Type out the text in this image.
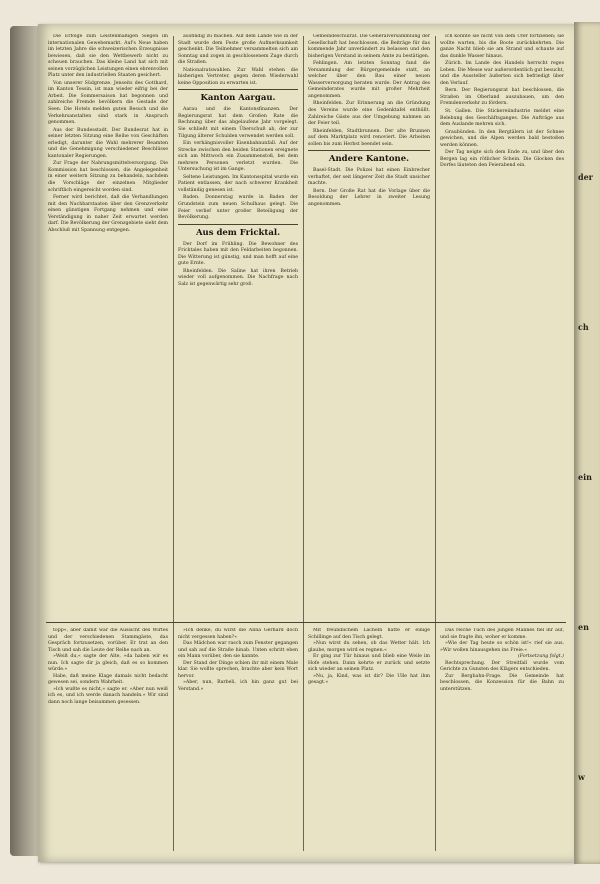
Die Erfolge zum Leistenmäßigen Siegen im internationalen Gewebemarkt. Auf's Neue haben im letzten Jahre die schweizerischen Erzeugnisse bewiesen, daß sie den Wettbewerb nicht zu scheuen brauchen. Das kleine Land hat sich mit seinen vorzüglichen Leistungen einen ehrenvollen Platz unter den industriellen Staaten gesichert.

Von unserer Südgrenze. Jenseits des Gotthard, im Kanton Tessin, ist man wieder eifrig bei der Arbeit. Die Sommersaison hat begonnen und zahlreiche Fremde bevölkern die Gestade der Seen. Die Hotels melden guten Besuch und die Verkehrsanstalten sind stark in Anspruch genommen.

Aus der Bundesstadt. Der Bundesrat hat in seiner letzten Sitzung eine Reihe von Geschäften erledigt, darunter die Wahl mehrerer Beamten und die Genehmigung verschiedener Beschlüsse kantonaler Regierungen.

Zur Frage der Nahrungsmittelversorgung. Die Kommission hat beschlossen, die Angelegenheit in einer weitern Sitzung zu behandeln, nachdem die Vorschläge der einzelnen Mitglieder schriftlich eingereicht worden sind.

Ferner wird berichtet, daß die Verhandlungen mit den Nachbarstaaten über den Grenzverkehr einen günstigen Fortgang nehmen und eine Verständigung in naher Zeit erwartet werden darf. Die Bevölkerung der Grenzgebiete sieht dem Abschluß mit Spannung entgegen.

ausfindig zu machen. Auf dem Lande wie in der Stadt wurde dem Feste große Aufmerksamkeit geschenkt. Die Teilnehmer versammelten sich am Sonntag und zogen in geschlossenem Zuge durch die Straßen.

Nationalratswahlen. Zur Wahl stehen die bisherigen Vertreter, gegen deren Wiederwahl keine Opposition zu erwarten ist.

Kanton Aargau.

Aarau und die Kantonsfinanzen. Der Regierungsrat hat dem Großen Rate die Rechnung über das abgelaufene Jahr vorgelegt. Sie schließt mit einem Überschuß ab, der zur Tilgung älterer Schulden verwendet werden soll.

Ein verhängnisvoller Eisenbahnunfall. Auf der Strecke zwischen den beiden Stationen ereignete sich am Mittwoch ein Zusammenstoß, bei dem mehrere Personen verletzt wurden. Die Untersuchung ist im Gange.

Seltene Leistungen. Im Kantonsspital wurde ein Patient entlassen, der nach schwerer Krankheit vollständig genesen ist.

Baden. Donnerstag wurde in Baden der Grundstein zum neuen Schulhaus gelegt. Die Feier verlief unter großer Beteiligung der Bevölkerung.

Aus dem Fricktal.

Der Dorf im Frühling. Die Bewohner des Fricktales haben mit den Feldarbeiten begonnen. Die Witterung ist günstig, und man hofft auf eine gute Ernte.

Rheinfelden. Die Saline hat ihren Betrieb wieder voll aufgenommen. Die Nachfrage nach Salz ist gegenwärtig sehr groß.

Gemeindeschulrat. Die Generalversammlung der Gesellschaft hat beschlossen, die Beiträge für das kommende Jahr unverändert zu belassen und den bisherigen Vorstand in seinem Amte zu bestätigen.

Fehlingen. Am letzten Sonntag fand die Versammlung der Bürgergemeinde statt, an welcher über den Bau einer neuen Wasserversorgung beraten wurde. Der Antrag des Gemeinderates wurde mit großer Mehrheit angenommen.

Rheinfelden. Zur Erinnerung an die Gründung des Vereins wurde eine Gedenktafel enthüllt. Zahlreiche Gäste aus der Umgebung nahmen an der Feier teil.

Rheinfelden, Stadtbrunnen. Der alte Brunnen auf dem Marktplatz wird renoviert. Die Arbeiten sollen bis zum Herbst beendet sein.

Andere Kantone.

Basel-Stadt. Die Polizei hat einen Einbrecher verhaftet, der seit längerer Zeit die Stadt unsicher machte.

Bern. Der Große Rat hat die Vorlage über die Besoldung der Lehrer in zweiter Lesung angenommen.

Ich könnte sie nicht von dem Ufer fortziehen; sie wollte warten, bis die Boote zurückkehrten. Die ganze Nacht blieb sie am Strand und schaute auf das dunkle Wasser hinaus.

Zürich. Im Lande des Handels herrscht reges Leben. Die Messe war außerordentlich gut besucht, und die Aussteller äußerten sich befriedigt über den Verlauf.

Bern. Der Regierungsrat hat beschlossen, die Straßen im Oberland auszubauen, um den Fremdenverkehr zu fördern.

St. Gallen. Die Stickereiindustrie meldet eine Belebung des Geschäftsganges. Die Aufträge aus dem Auslande mehren sich.

Graubünden. In den Bergtälern ist der Schnee gewichen, und die Alpen werden bald bestoßen werden können.

Der Tag neigte sich dem Ende zu, und über den Bergen lag ein rötlicher Schein. Die Glocken des Dorfes läuteten den Feierabend ein.

topp«, aber damit war die Aussicht des Wirtes und der verschiedenen Stammgäste, das Gespräch fortzusetzen, vorüber. Er trat an den Tisch und sah die Leute der Reihe nach an.

»Weiß du,« sagte der Alte, »da haben wir es nun. Ich sagte dir ja gleich, daß es so kommen würde.«

Habe, daß meine Klage damals nicht bedacht gewesen sei, sondern Wahrheit.

»Ich wußte es nicht,« sagte er. »Aber nun weiß ich es, und ich werde danach handeln.« Wir sind dann noch lange beisammen gesessen.

»Ich denke, du wirst die Anna Gerhard doch nicht vergessen haben?«

Das Mädchen war rasch zum Fenster gegangen und sah auf die Straße hinab. Unten schritt eben ein Mann vorüber, den sie kannte.

Der Stand der Dinge schien ihr mit einem Male klar. Sie wollte sprechen, brachte aber kein Wort hervor.

»Aber, nun, Barbeli, ich bin ganz gut bei Verstand.«

Mit freundlichem Lächeln hatte er einige Schillinge auf den Tisch gelegt.

»Nun wirst du sehen, ob das Wetter hält. Ich glaube, morgen wird es regnen.«

Er ging zur Tür hinaus und blieb eine Weile im Hofe stehen. Dann kehrte er zurück und setzte sich wieder an seinen Platz.

»Nu, ja, Kind, was ist dir? Die Ulle hat ihm gesagt.«

Das reiche Tuch des jungen Mannes fiel ihr auf, und sie fragte ihn, woher er komme.

»Wie der Tag heute so schön ist!« rief sie aus. »Wir wollen hinausgehen ins Freie.«

(Fortsetzung folgt.)

Rechtsprechung. Der Streitfall wurde vom Gerichte zu Gunsten des Klägers entschieden.

Zur Bergbahn-Frage. Die Gemeinde hat beschlossen, die Konzession für die Bahn zu unterstützen.

der
ch
ein
en
w
